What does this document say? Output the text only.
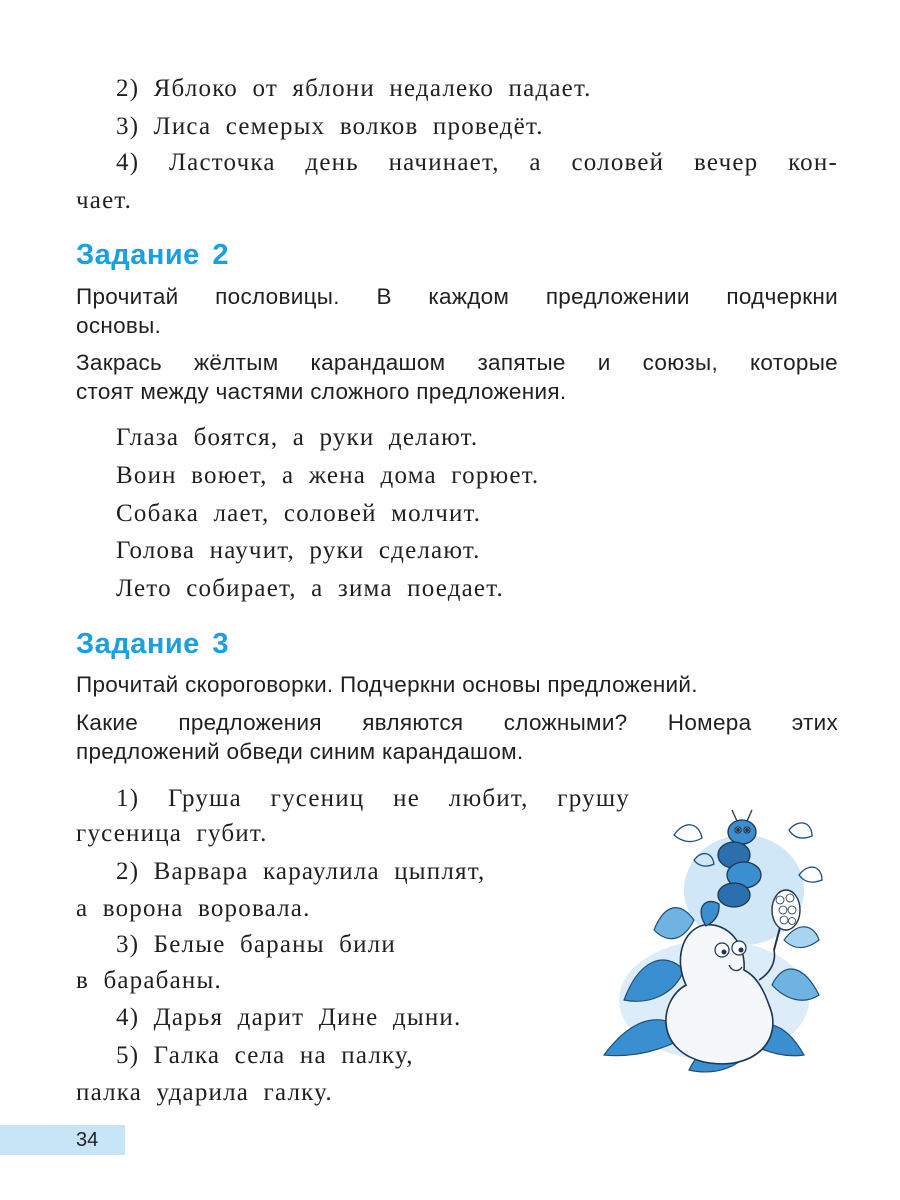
2) Яблоко от яблони недалеко падает.
3) Лиса семерых волков проведёт.
4) Ласточка день начинает, а соловей вечер кон-
чает.
Задание 2
Прочитай пословицы. В каждом предложении подчеркни
основы.
Закрась жёлтым карандашом запятые и союзы, которые
стоят между частями сложного предложения.
Глаза боятся, а руки делают.
Воин воюет, а жена дома горюет.
Собака лает, соловей молчит.
Голова научит, руки сделают.
Лето собирает, а зима поедает.
Задание 3
Прочитай скороговорки. Подчеркни основы предложений.
Какие предложения являются сложными? Номера этих
предложений обведи синим карандашом.
1) Груша гусениц не любит, грушу
гусеница губит.
2) Варвара караулила цыплят,
а ворона воровала.
3) Белые бараны били
в барабаны.
4) Дарья дарит Дине дыни.
5) Галка села на палку,
палка ударила галку.
34
